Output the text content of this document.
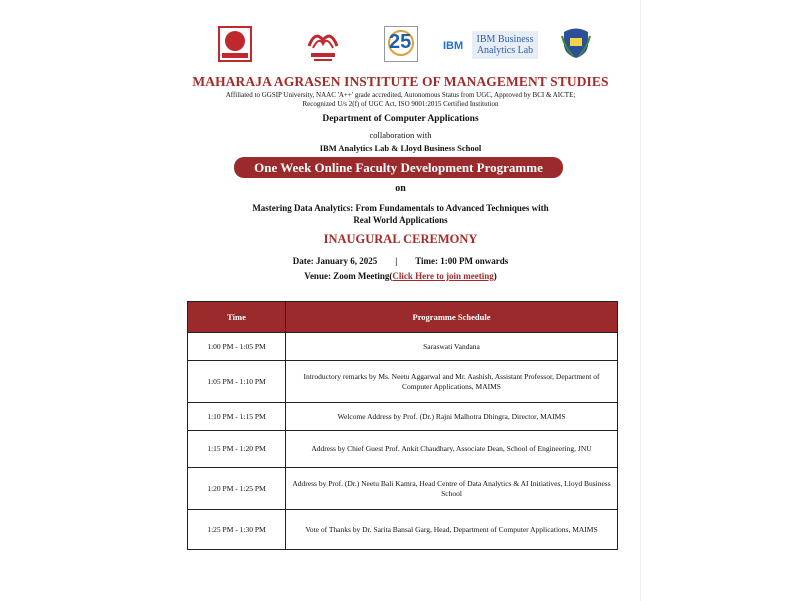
25	IBM
IBM Business
Analytics Lab
MAHARAJA AGRASEN INSTITUTE OF MANAGEMENT STUDIES
Affiliated to GGSIP University, NAAC 'A++' grade accredited, Autonomous Status from UGC, Approved by BCI & AICTE;
Recognized U/s 2(f) of UGC Act, ISO 9001:2015 Certified Institution
Department of Computer Applications
collaboration with
IBM Analytics Lab & Lloyd Business School
One Week Online Faculty Development Programme
on
Mastering Data Analytics: From Fundamentals to Advanced Techniques with
Real World Applications
INAUGURAL CEREMONY
Date: January 6, 2025 | Time: 1:00 PM onwards
Venue: Zoom Meeting(Click Here to join meeting)
Time	Programme Schedule
1:00 PM - 1:05 PM	Saraswati Vandana
1:05 PM - 1:10 PM	Introductory remarks by Ms. Neetu Aggarwal and Mr. Aashish, Assistant Professor, Department of Computer Applications, MAIMS
1:10 PM - 1:15 PM	Welcome Address by Prof. (Dr.) Rajni Malhotra Dhingra, Director, MAIMS
1:15 PM - 1:20 PM	Address by Chief Guest Prof. Ankit Chaudhary, Associate Dean, School of Engineering, JNU
1:20 PM - 1:25 PM	Address by Prof. (Dr.) Neetu Bali Kamra, Head Centre of Data Analytics & AI Initiatives, Lloyd Business School
1:25 PM - 1:30 PM	Vote of Thanks by Dr. Sarita Bansal Garg, Head, Department of Computer Applications, MAIMS
